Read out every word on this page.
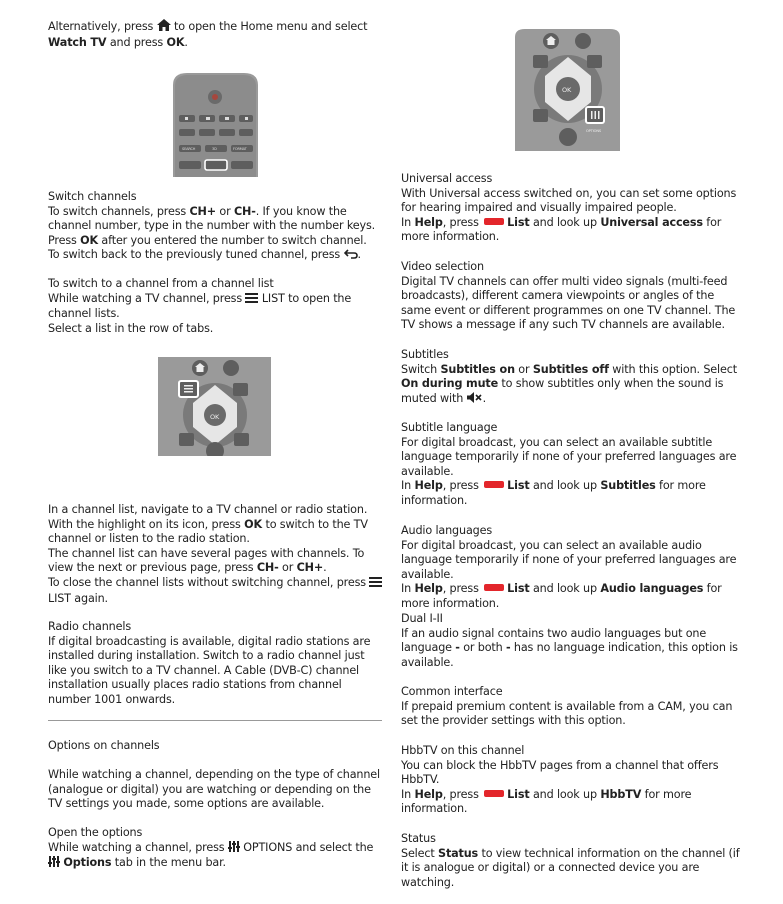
Alternatively, press  to open the Home menu and select Watch TV and press OK.

SEARCH	3D	FORMAT

Switch channels

To switch channels, press CH+ or CH-. If you know the channel number, type in the number with the number keys. Press OK after you entered the number to switch channel.

To switch back to the previously tuned channel, press .

To switch to a channel from a channel list

While watching a TV channel, press  LIST to open the channel lists.

Select a list in the row of tabs.

OK

In a channel list, navigate to a TV channel or radio station. With the highlight on its icon, press OK to switch to the TV channel or listen to the radio station.

The channel list can have several pages with channels. To view the next or previous page, press CH- or CH+.

To close the channel lists without switching channel, press  LIST again.

Radio channels

If digital broadcasting is available, digital radio stations are installed during installation. Switch to a radio channel just like you switch to a TV channel. A Cable (DVB-C) channel installation usually places radio stations from channel number 1001 onwards.

Options on channels
While watching a channel, depending on the type of channel (analogue or digital) you are watching or depending on the TV settings you made, some options are available.

Open the options

While watching a channel, press  OPTIONS and select the  Options tab in the menu bar.

OK
OPTIONS

Universal access

With Universal access switched on, you can set some options for hearing impaired and visually impaired people.

In Help, press List and look up Universal access for more information.

Video selection

Digital TV channels can offer multi video signals (multi-feed broadcasts), different camera viewpoints or angles of the same event or different programmes on one TV channel. The TV shows a message if any such TV channels are available.

Subtitles

Switch Subtitles on or Subtitles off with this option. Select On during mute to show subtitles only when the sound is muted with .

Subtitle language

For digital broadcast, you can select an available subtitle language temporarily if none of your preferred languages are available.

In Help, press List and look up Subtitles for more information.

Audio languages

For digital broadcast, you can select an available audio language temporarily if none of your preferred languages are available.

In Help, press List and look up Audio languages for more information.

Dual I-II

If an audio signal contains two audio languages but one language - or both - has no language indication, this option is available.

Common interface

If prepaid premium content is available from a CAM, you can set the provider settings with this option.

HbbTV on this channel

You can block the HbbTV pages from a channel that offers HbbTV.

In Help, press List and look up HbbTV for more information.

Status

Select Status to view technical information on the channel (if it is analogue or digital) or a connected device you are watching.
